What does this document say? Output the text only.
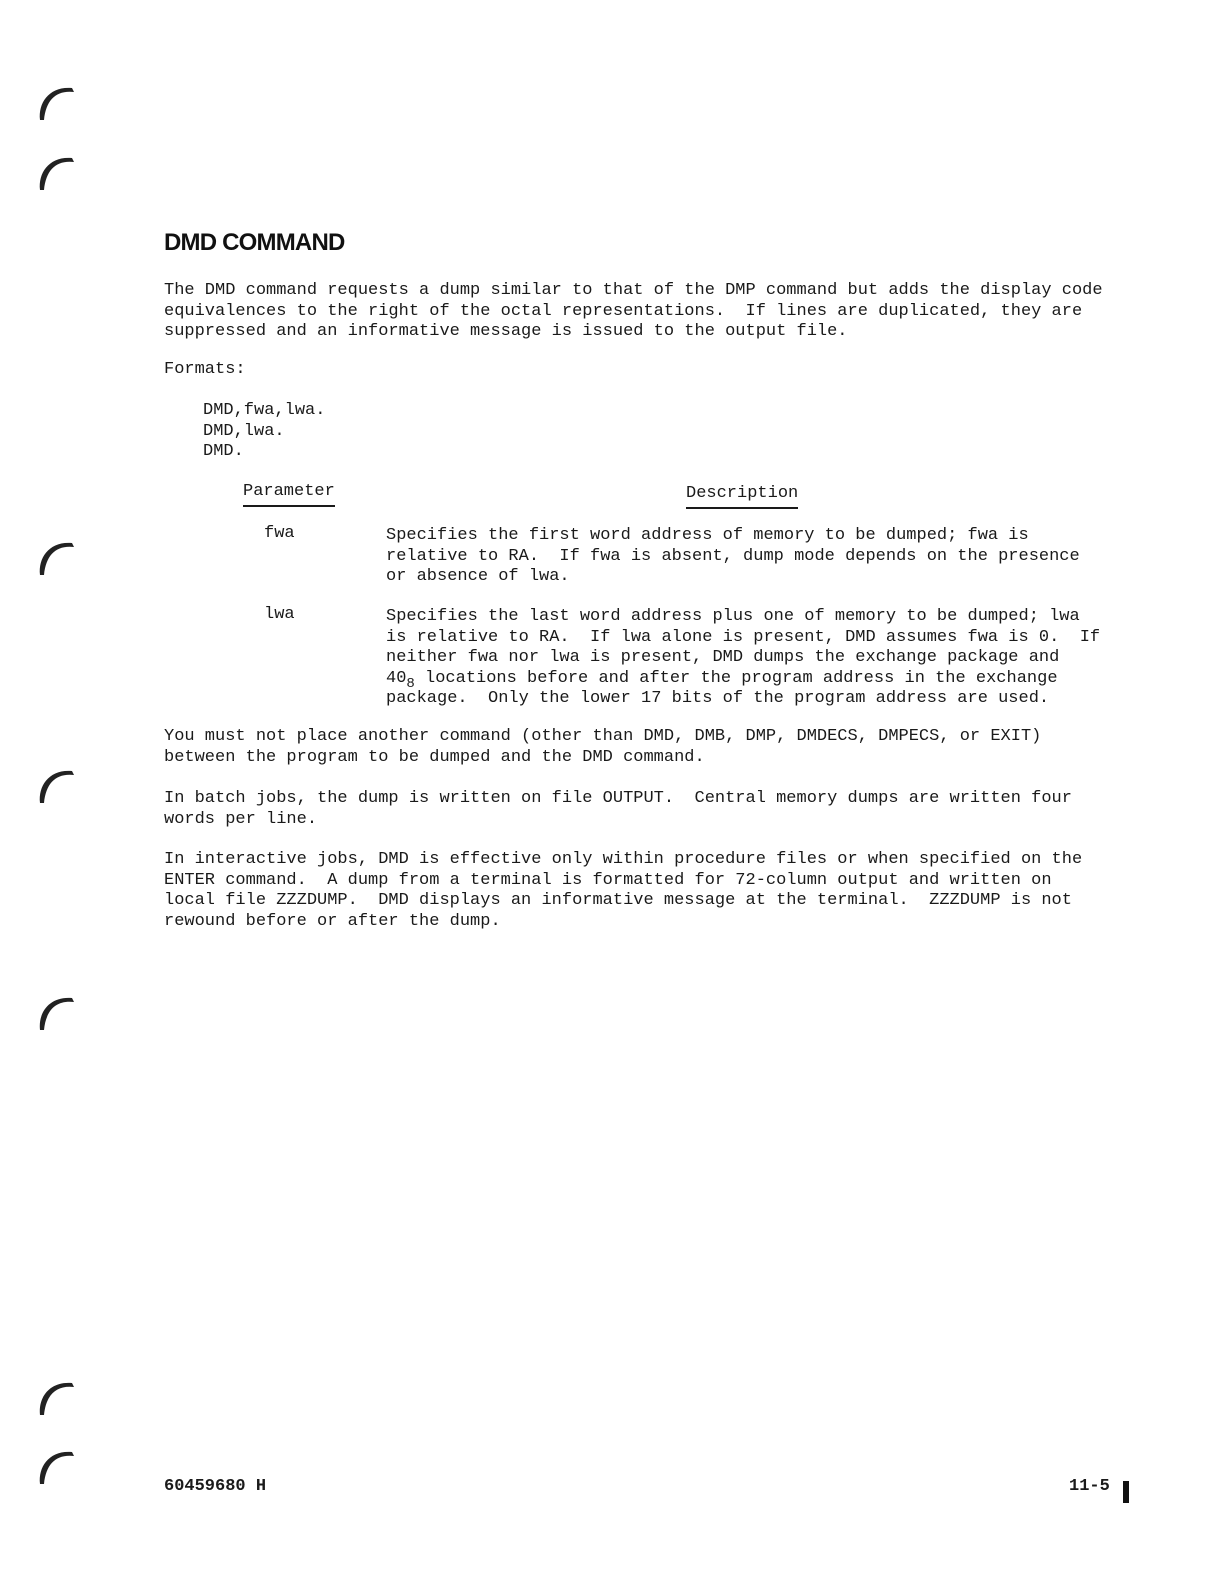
DMD COMMAND

The DMD command requests a dump similar to that of the DMP command but adds the display code
equivalences to the right of the octal representations.  If lines are duplicated, they are
suppressed and an informative message is issued to the output file.

Formats:

DMD,fwa,lwa.

DMD,lwa.

DMD.

Parameter	Description

fwa	Specifies the first word address of memory to be dumped; fwa is
relative to RA.  If fwa is absent, dump mode depends on the presence
or absence of lwa.

lwa	Specifies the last word address plus one of memory to be dumped; lwa
is relative to RA.  If lwa alone is present, DMD assumes fwa is 0.  If
neither fwa nor lwa is present, DMD dumps the exchange package and
$40_8$ locations before and after the program address in the exchange
package.  Only the lower 17 bits of the program address are used.

You must not place another command (other than DMD, DMB, DMP, DMDECS, DMPECS, or EXIT)
between the program to be dumped and the DMD command.

In batch jobs, the dump is written on file OUTPUT.  Central memory dumps are written four
words per line.

In interactive jobs, DMD is effective only within procedure files or when specified on the
ENTER command.  A dump from a terminal is formatted for 72-column output and written on
local file ZZZDUMP.  DMD displays an informative message at the terminal.  ZZZDUMP is not
rewound before or after the dump.

60459680 H	11-5
